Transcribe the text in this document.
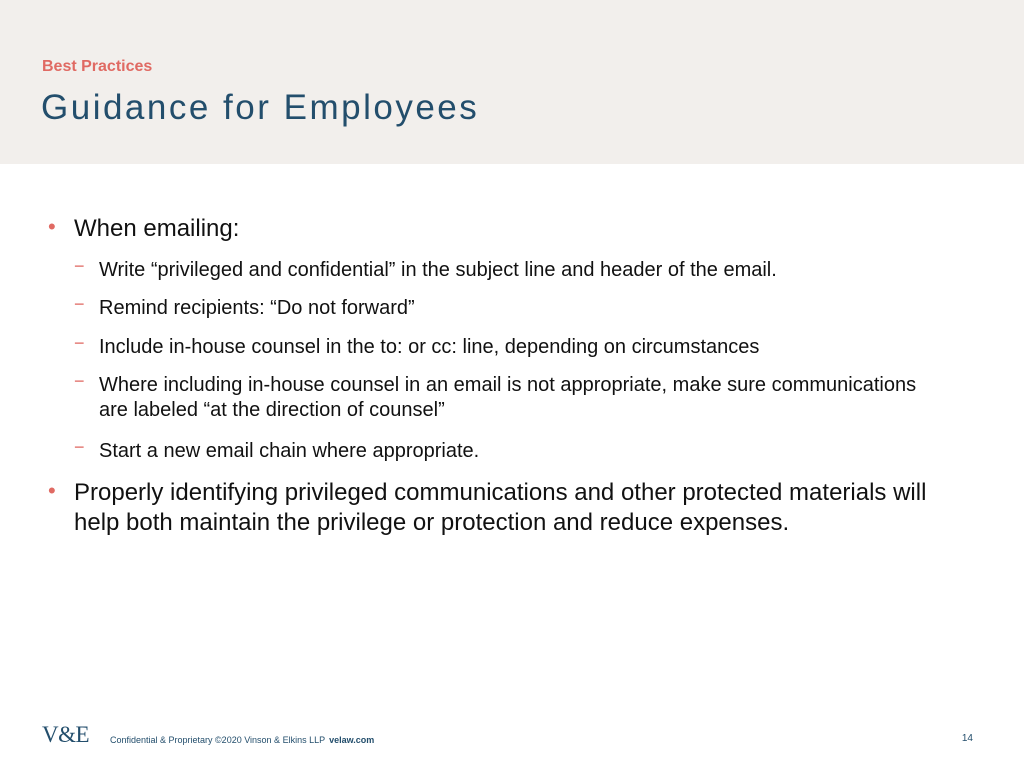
Best Practices
Guidance for Employees
• When emailing:
− Write “privileged and confidential” in the subject line and header of the email.
− Remind recipients: “Do not forward”
− Include in-house counsel in the to: or cc: line, depending on circumstances
− Where including in-house counsel in an email is not appropriate, make sure communications are labeled “at the direction of counsel”
− Start a new email chain where appropriate.
• Properly identifying privileged communications and other protected materials will help both maintain the privilege or protection and reduce expenses.
V&E Confidential & Proprietary ©2020 Vinson & Elkins LLP velaw.com	14
